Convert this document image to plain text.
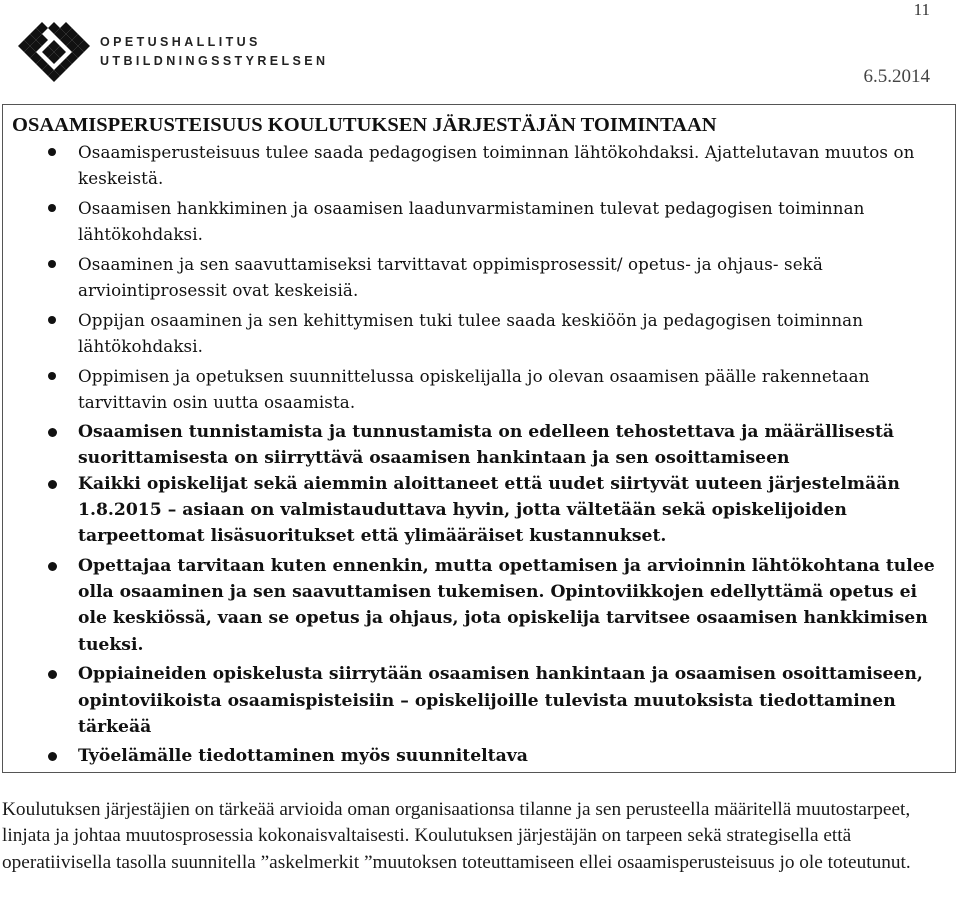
11
OPETUSHALLITUS
UTBILDNINGSSTYRELSEN
6.5.2014
OSAAMISPERUSTEISUUS KOULUTUKSEN JÄRJESTÄJÄN TOIMINTAAN
Osaamisperusteisuus tulee saada pedagogisen toiminnan lähtökohdaksi. Ajattelutavan muutos on keskeistä.
Osaamisen hankkiminen ja osaamisen laadunvarmistaminen tulevat pedagogisen toiminnan lähtökohdaksi.
Osaaminen ja sen saavuttamiseksi tarvittavat oppimisprosessit/ opetus- ja ohjaus- sekä arviointiprosessit ovat keskeisiä.
Oppijan osaaminen ja sen kehittymisen tuki tulee saada keskiöön ja pedagogisen toiminnan lähtökohdaksi.
Oppimisen ja opetuksen suunnittelussa opiskelijalla jo olevan osaamisen päälle rakennetaan tarvittavin osin uutta osaamista.
Osaamisen tunnistamista ja tunnustamista on edelleen tehostettava ja määrällisestä suorittamisesta on siirryttävä osaamisen hankintaan ja sen osoittamiseen
Kaikki opiskelijat sekä aiemmin aloittaneet että uudet siirtyvät uuteen järjestelmään 1.8.2015 – asiaan on valmistauduttava hyvin, jotta vältetään sekä opiskelijoiden tarpeettomat lisäsuoritukset että ylimääräiset kustannukset.
Opettajaa tarvitaan kuten ennenkin, mutta opettamisen ja arvioinnin lähtökohtana tulee olla osaaminen ja sen saavuttamisen tukemisen. Opintoviikkojen edellyttämä opetus ei ole keskiössä, vaan se opetus ja ohjaus, jota opiskelija tarvitsee osaamisen hankkimisen tueksi.
Oppiaineiden opiskelusta siirrytään osaamisen hankintaan ja osaamisen osoittamiseen, opintoviikoista osaamispisteisiin – opiskelijoille tulevista muutoksista tiedottaminen tärkeää
Työelämälle tiedottaminen myös suunniteltava

Koulutuksen järjestäjien on tärkeää arvioida oman organisaationsa tilanne ja sen perusteella määritellä muutostarpeet, linjata ja johtaa muutosprosessia kokonaisvaltaisesti. Koulutuksen järjestäjän on tarpeen sekä strategisella että operatiivisella tasolla suunnitella ”askelmerkit ”muutoksen toteuttamiseen ellei osaamisperusteisuus jo ole toteutunut.
